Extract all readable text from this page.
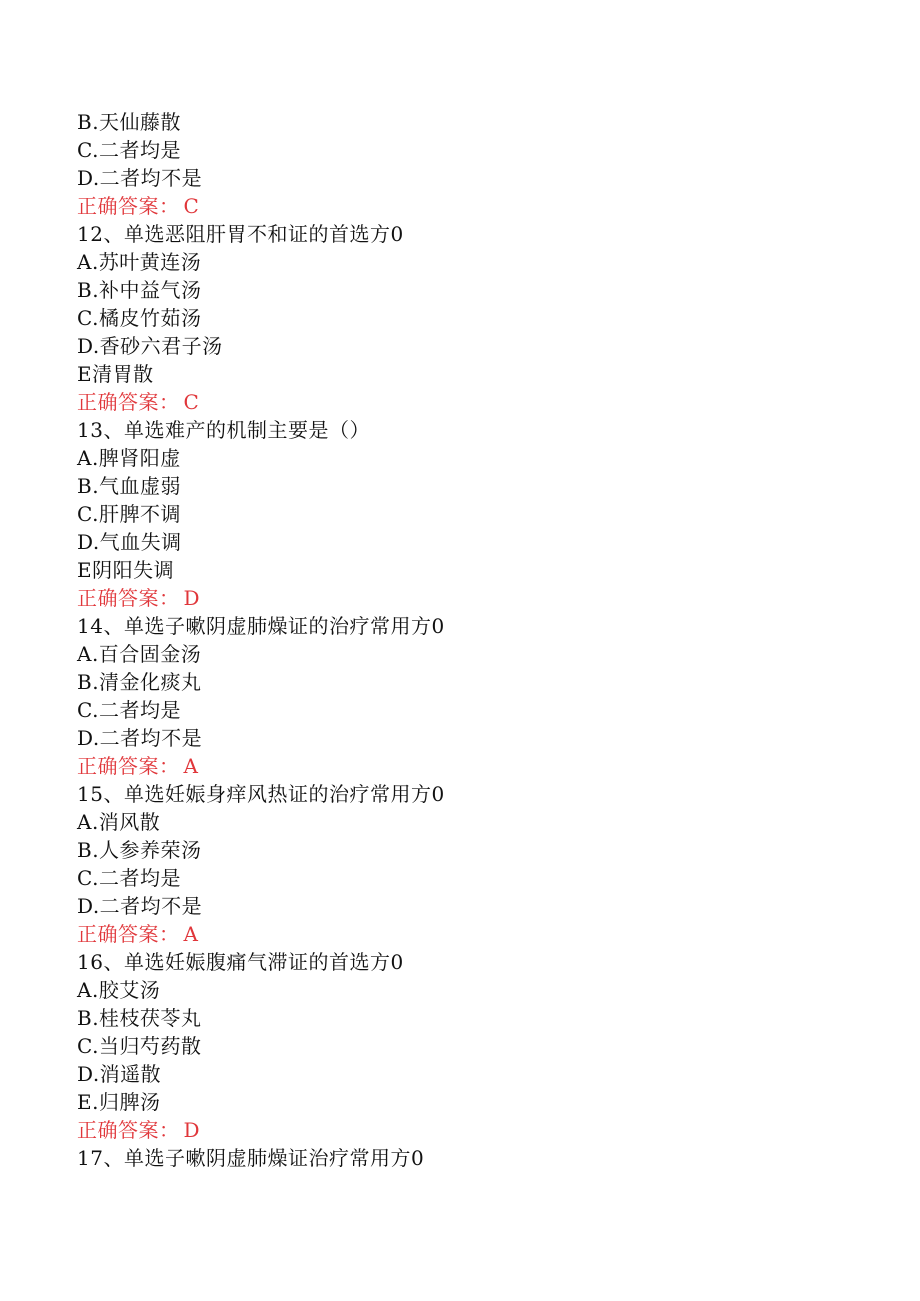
B.天仙藤散
C.二者均是
D.二者均不是
正确答案： C
12、单选恶阻肝胃不和证的首选方0
A.苏叶黄连汤
B.补中益气汤
C.橘皮竹茹汤
D.香砂六君子汤
E清胃散
正确答案： C
13、单选难产的机制主要是（）
A.脾肾阳虚
B.气血虚弱
C.肝脾不调
D.气血失调
E阴阳失调
正确答案： D
14、单选子嗽阴虚肺燥证的治疗常用方0
A.百合固金汤
B.清金化痰丸
C.二者均是
D.二者均不是
正确答案： A
15、单选妊娠身痒风热证的治疗常用方0
A.消风散
B.人参养荣汤
C.二者均是
D.二者均不是
正确答案： A
16、单选妊娠腹痛气滞证的首选方0
A.胶艾汤
B.桂枝茯苓丸
C.当归芍药散
D.消遥散
E.归脾汤
正确答案： D
17、单选子嗽阴虚肺燥证治疗常用方0
